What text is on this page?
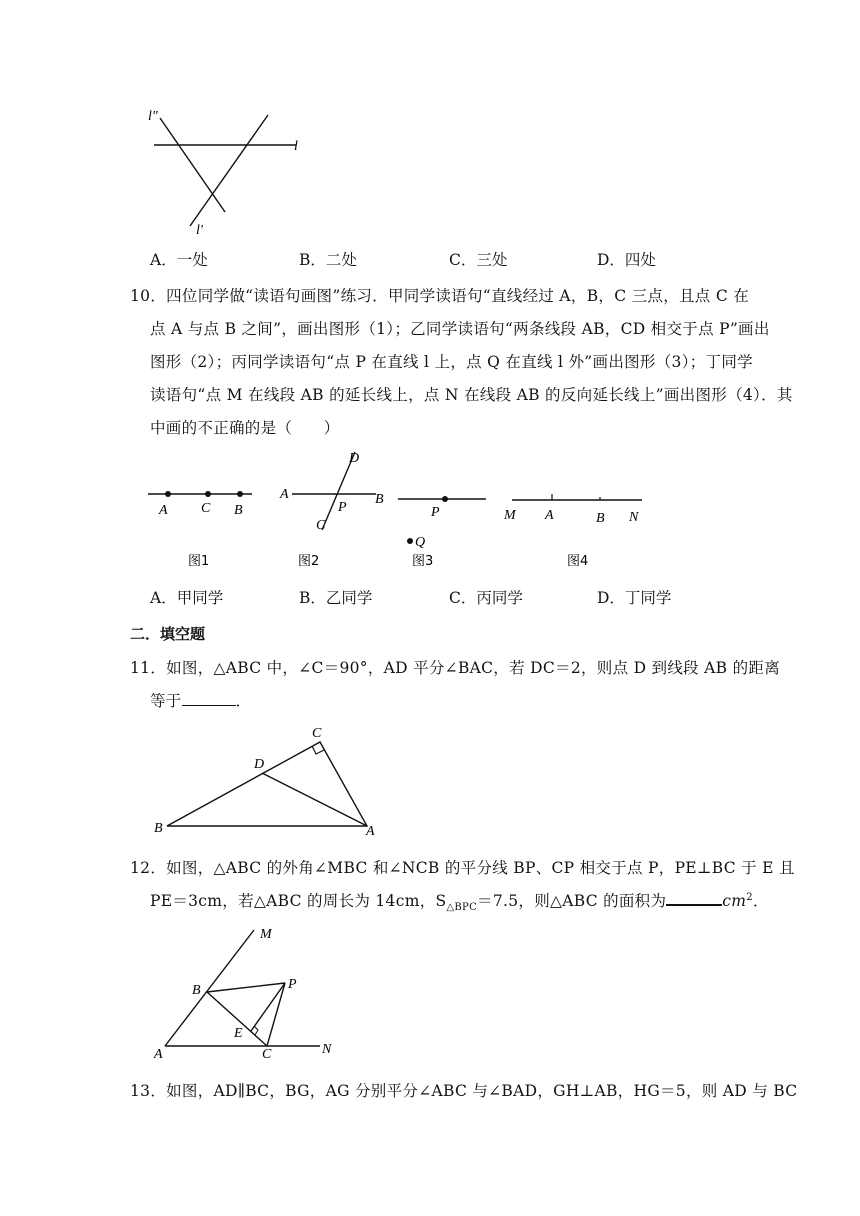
l"
l
l'
A．一处	B．二处	C．三处	D．四处
10．四位同学做“读语句画图”练习．甲同学读语句“直线经过 A，B，C 三点，且点 C 在
点 A 与点 B 之间”，画出图形（1）；乙同学读语句“两条线段 AB，CD 相交于点 P”画出
图形（2）；丙同学读语句“点 P 在直线 l 上，点 Q 在直线 l 外”画出图形（3）；丁同学
读语句“点 M 在线段 AB 的延长线上，点 N 在线段 AB 的反向延长线上”画出图形（4）．其
中画的不正确的是（　　）
A C B
图1
D
A
P
B
C
图2
P
Q
图3
M A	B N
图4
A．甲同学	B．乙同学	C．丙同学	D．丁同学
二．填空题
11．如图，△ABC 中，∠C＝90°，AD 平分∠BAC，若 DC＝2，则点 D 到线段 AB 的距离
等于	．
C
D
B	A
12．如图，△ABC 的外角∠MBC 和∠NCB 的平分线 BP、CP 相交于点 P，PE⊥BC 于 E 且
PE＝3cm，若△ABC 的周长为 14cm，$S_{\triangle BPC}=7.5$，则△ABC 的面积为	$cm^2$．
M
B	P
E
A	C	N
13．如图，AD∥BC，BG，AG 分别平分∠ABC 与∠BAD，GH⊥AB，HG＝5，则 AD 与 BC
